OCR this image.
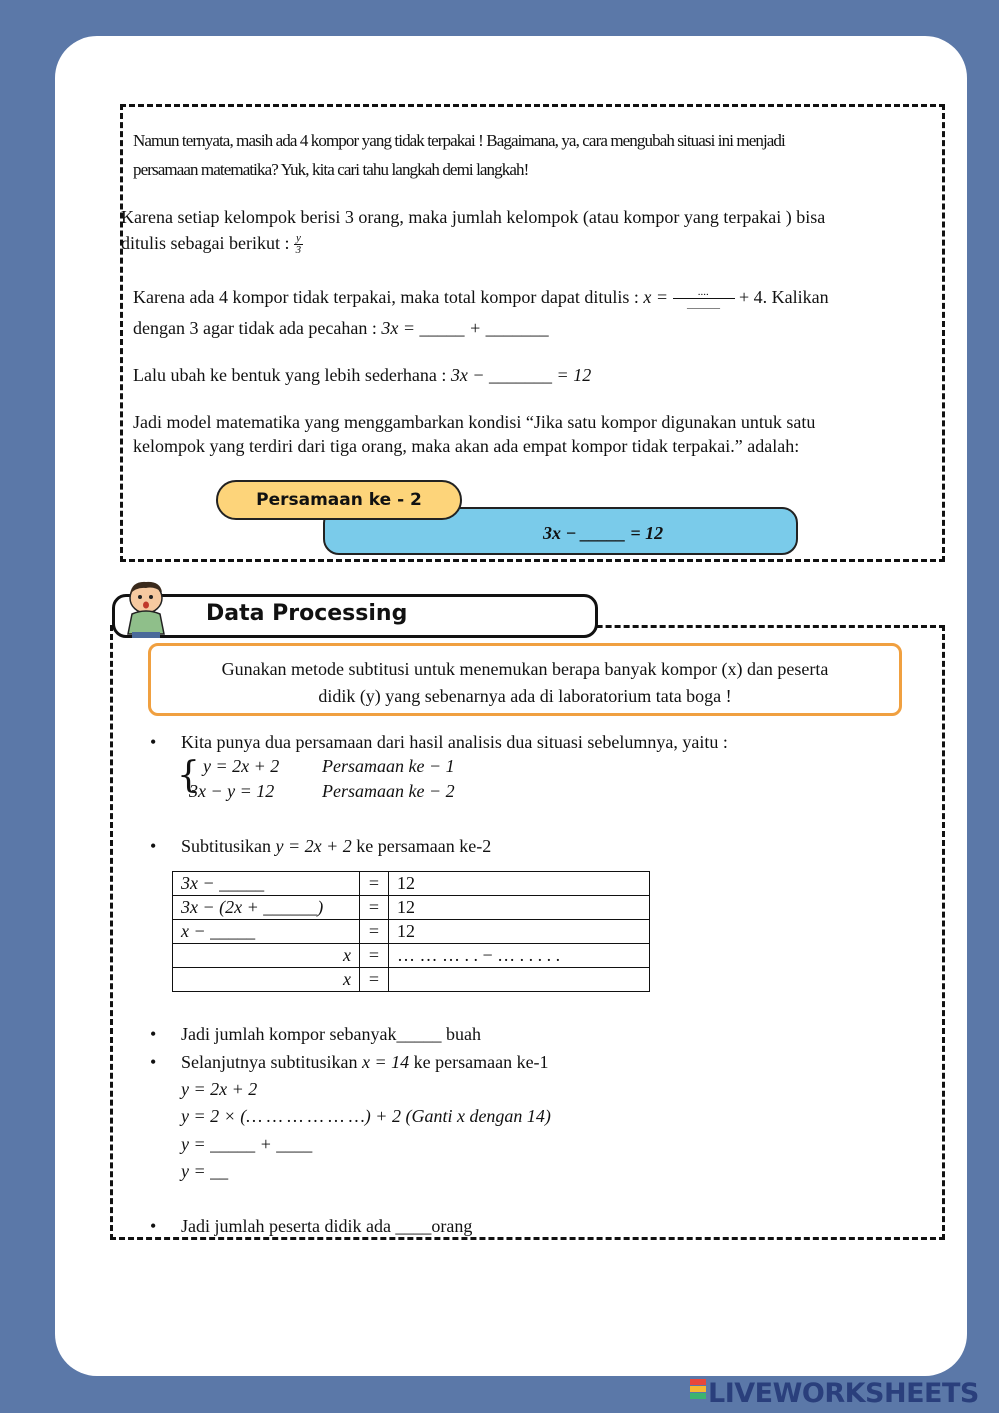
Namun ternyata, masih ada 4 kompor yang tidak terpakai ! Bagaimana, ya, cara mengubah situasi ini menjadi
persamaan matematika? Yuk, kita cari tahu langkah demi langkah!
Karena setiap kelompok berisi 3 orang, maka jumlah kelompok (atau kompor yang terpakai ) bisa
ditulis sebagai berikut : $\frac{y}{3}$
Karena ada 4 kompor tidak terpakai, maka total kompor dapat ditulis : $x = \frac{....}{\_\_\_\_\_\_} + 4$. Kalikan
dengan 3 agar tidak ada pecahan : 3x = _____ + _______
Lalu ubah ke bentuk yang lebih sederhana : 3x − _______ = 12
Jadi model matematika yang menggambarkan kondisi “Jika satu kompor digunakan untuk satu
kelompok yang terdiri dari tiga orang, maka akan ada empat kompor tidak terpakai.” adalah:
3x − _____ = 12
Persamaan ke - 2
Data Processing
Gunakan metode subtitusi untuk menemukan berapa banyak kompor (x) dan peserta
didik (y) yang sebenarnya ada di laboratorium tata boga !
• Kita punya dua persamaan dari hasil analisis dua situasi sebelumnya, yaitu :
{ y = 2x + 2 Persamaan ke − 1
3x − y = 12	Persamaan ke − 2
• Subtitusikan y = 2x + 2 ke persamaan ke-2
3x − _____	=	12
3x − (2x + ______)	=	12
x − _____	=	12
x	=	… … … . . − … . . . . .
x	=	
• Jadi jumlah kompor sebanyak_____ buah
• Selanjutnya subtitusikan x = 14 ke persamaan ke-1
y = 2x + 2
y = 2 × (… … … … … …) + 2 (Ganti x dengan 14)
y = _____ + ____
y = __
• Jadi jumlah peserta didik ada ____orang
LIVEWORKSHEETS
